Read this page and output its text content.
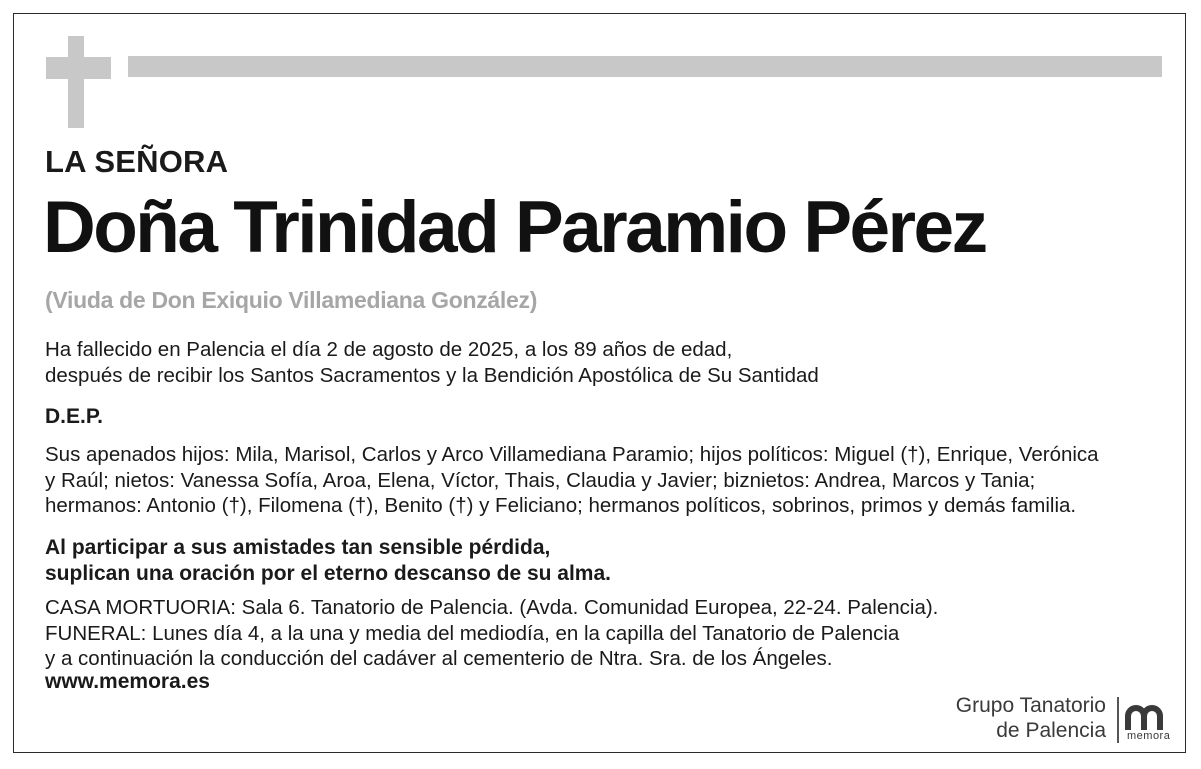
LA SEÑORA
Doña Trinidad Paramio Pérez
(Viuda de Don Exiquio Villamediana González)

Ha fallecido en Palencia el día 2 de agosto de 2025, a los 89 años de edad,

después de recibir los Santos Sacramentos y la Bendición Apostólica de Su Santidad

D.E.P.

Sus apenados hijos: Mila, Marisol, Carlos y Arco Villamediana Paramio; hijos políticos: Miguel (†), Enrique, Verónica

y Raúl; nietos: Vanessa Sofía, Aroa, Elena, Víctor, Thais, Claudia y Javier; biznietos: Andrea, Marcos y Tania;

hermanos: Antonio (†), Filomena (†), Benito (†) y Feliciano; hermanos políticos, sobrinos, primos y demás familia.

Al participar a sus amistades tan sensible pérdida,

suplican una oración por el eterno descanso de su alma.

CASA MORTUORIA: Sala 6. Tanatorio de Palencia. (Avda. Comunidad Europea, 22-24. Palencia).

FUNERAL: Lunes día 4, a la una y media del mediodía, en la capilla del Tanatorio de Palencia

y a continuación la conducción del cadáver al cementerio de Ntra. Sra. de los Ángeles.

www.memora.es
Grupo Tanatorio
de Palencia memora
